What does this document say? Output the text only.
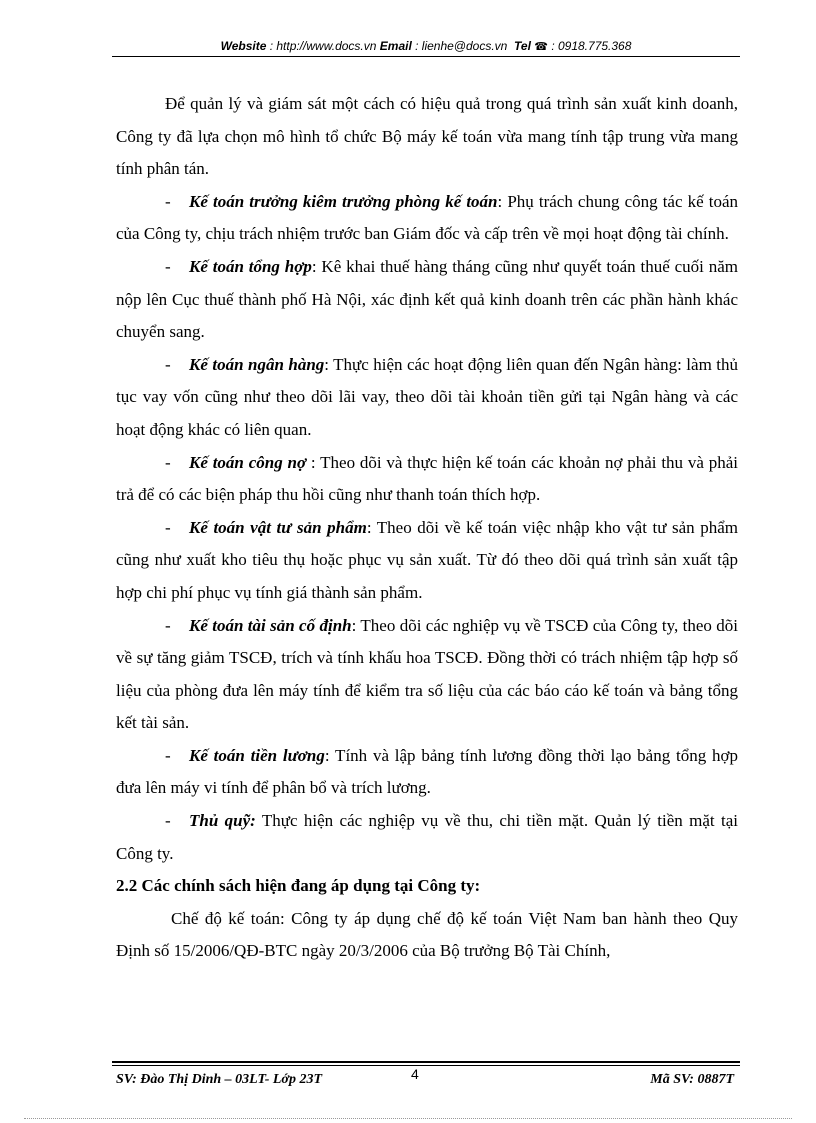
Website : http://www.docs.vn Email : lienhe@docs.vn  Tel ☎ : 0918.775.368

Để quản lý và giám sát một cách có hiệu quả trong quá trình sản xuất kinh doanh, Công ty đã lựa chọn mô hình tổ chức Bộ máy kế toán vừa mang tính tập trung vừa mang tính phân tán.

- Kế toán trưởng kiêm trưởng phòng kế toán: Phụ trách chung công tác kế toán của Công ty, chịu trách nhiệm trước ban Giám đốc và cấp trên về mọi hoạt động tài chính.

- Kế toán tổng hợp: Kê khai thuế hàng tháng cũng như quyết toán thuế cuối năm nộp lên Cục thuế thành phố Hà Nội, xác định kết quả kinh doanh trên các phần hành khác chuyển sang.

- Kế toán ngân hàng: Thực hiện các hoạt động liên quan đến Ngân hàng: làm thủ tục vay vốn cũng như theo dõi lãi vay, theo dõi tài khoản tiền gửi tại Ngân hàng và các hoạt động khác có liên quan.

- Kế toán công nợ : Theo dõi và thực hiện kế toán các khoản nợ phải thu và phải trả để có các biện pháp thu hồi cũng như thanh toán thích hợp.

- Kế toán vật tư sản phẩm: Theo dõi về kế toán việc nhập kho vật tư sản phẩm cũng như xuất kho tiêu thụ hoặc phục vụ sản xuất. Từ đó theo dõi quá trình sản xuất tập hợp chi phí phục vụ tính giá thành sản phẩm.

- Kế toán tài sản cố định: Theo dõi các nghiệp vụ về TSCĐ của Công ty, theo dõi về sự tăng giảm TSCĐ, trích và tính khấu hoa TSCĐ. Đồng thời có trách nhiệm tập hợp số liệu của phòng đưa lên máy tính để kiểm tra số liệu của các báo cáo kế toán và bảng tổng kết tài sản.

- Kế toán tiền lương: Tính và lập bảng tính lương đồng thời lạo bảng tổng hợp đưa lên máy vi tính để phân bổ và trích lương.

- Thủ quỹ: Thực hiện các nghiệp vụ về thu, chi tiền mặt. Quản lý tiền mặt tại Công ty.

2.2 Các chính sách hiện đang áp dụng tại Công ty:

Chế độ kế toán: Công ty áp dụng chế độ kế toán Việt Nam ban hành theo Quy Định số 15/2006/QĐ-BTC ngày 20/3/2006 của Bộ trưởng Bộ Tài Chính,

SV: Đào Thị Dinh – 03LT- Lớp 23T	4	Mã SV: 0887T
